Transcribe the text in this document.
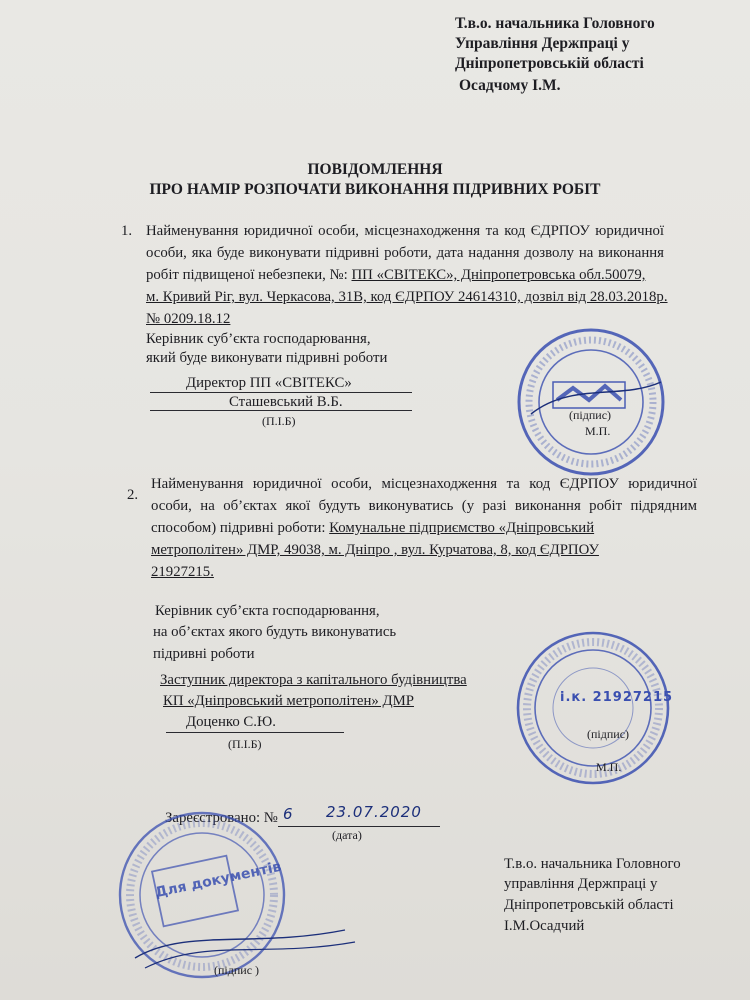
Т.в.о. начальника Головного
Управління Держпраці у
Дніпропетровській області
Осадчому І.М.
ПОВІДОМЛЕННЯ
ПРО НАМІР РОЗПОЧАТИ ВИКОНАННЯ ПІДРИВНИХ РОБІТ
1. Найменування юридичної особи, місцезнаходження та код ЄДРПОУ юридичної
особи, яка буде виконувати підривні роботи, дата надання дозволу на виконання
робіт підвищеної небезпеки, №: ПП «СВІТЕКС», Дніпропетровська обл.50079,
м. Кривий Ріг, вул. Черкасова, 31В, код ЄДРПОУ 24614310, дозвіл від 28.03.2018р.
№ 0209.18.12
Керівник суб’єкта господарювання,
який буде виконувати підривні роботи
Директор ПП «СВІТЕКС»
Сташевський В.Б.
(П.І.Б)	(підпис)
М.П.
2.
Найменування юридичної особи, місцезнаходження та код ЄДРПОУ юридичної
особи, на об’єктах якої будуть виконуватись (у разі виконання робіт підрядним
способом) підривні роботи: Комунальне підприємство «Дніпровський
метрополітен» ДМР, 49038, м. Дніпро , вул. Курчатова, 8, код ЄДРПОУ
21927215.
Керівник суб’єкта господарювання,
на об’єктах якого будуть виконуватись
підривні роботи
Заступник директора з капітального будівництва
КП «Дніпровський метрополітен» ДМР
Доценко С.Ю.
(П.І.Б)
і.к. 21927215
(підпис)
М.П.
Зареєстровано: № 6 23.07.2020
(дата)
Для документів
(підпис )
Т.в.о. начальника Головного
управління Держпраці у
Дніпропетровській області
І.М.Осадчий
